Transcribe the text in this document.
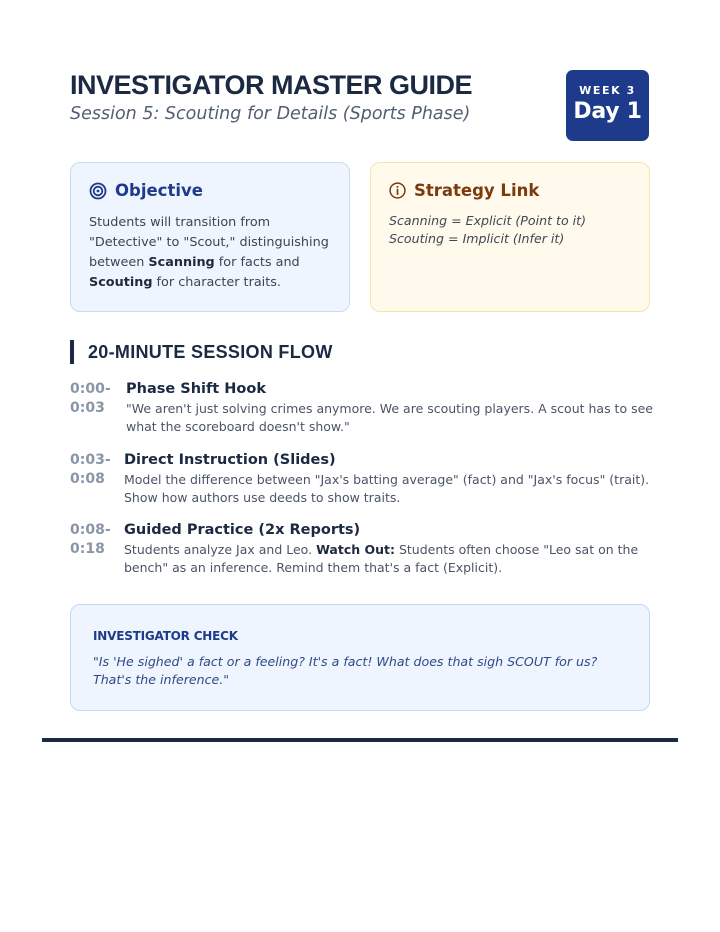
INVESTIGATOR MASTER GUIDE
Session 5: Scouting for Details (Sports Phase)
WEEK 3
Day 1
Objective

Students will transition from "Detective" to "Scout," distinguishing between Scanning for facts and Scouting for character traits.

Strategy Link
Scanning = Explicit (Point to it)
Scouting = Implicit (Infer it)
20-MINUTE SESSION FLOW
0:00-
0:03
Phase Shift Hook
"We aren't just solving crimes anymore. We are scouting players. A scout has to see what the scoreboard doesn't show."
0:03-
0:08
Direct Instruction (Slides)
Model the difference between "Jax's batting average" (fact) and "Jax's focus" (trait). Show how authors use deeds to show traits.
0:08-
0:18
Guided Practice (2x Reports)
Students analyze Jax and Leo. Watch Out: Students often choose "Leo sat on the bench" as an inference. Remind them that's a fact (Explicit).
INVESTIGATOR CHECK
"Is 'He sighed' a fact or a feeling? It's a fact! What does that sigh SCOUT for us? That's the inference."
